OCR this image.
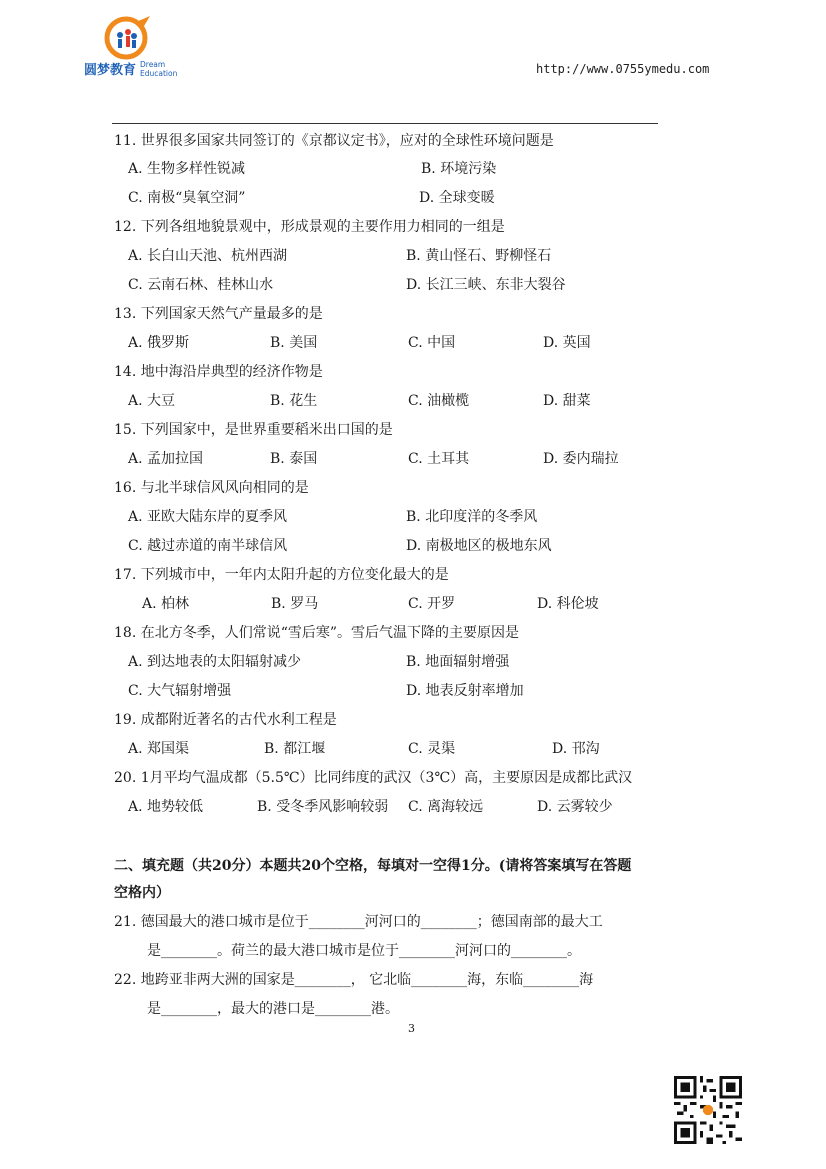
圆梦教育 Dream
Education	http://www.0755ymedu.com
11. 世界很多国家共同签订的《京都议定书》，应对的全球性环境问题是
A. 生物多样性锐减	B. 环境污染
C. 南极“臭氧空洞”	D. 全球变暖
12. 下列各组地貌景观中，形成景观的主要作用力相同的一组是
A. 长白山天池、杭州西湖	B. 黄山怪石、野柳怪石
C. 云南石林、桂林山水	D. 长江三峡、东非大裂谷
13. 下列国家天然气产量最多的是
A. 俄罗斯	B. 美国	C. 中国	D. 英国
14. 地中海沿岸典型的经济作物是
A. 大豆	B. 花生	C. 油橄榄	D. 甜菜
15. 下列国家中，是世界重要稻米出口国的是
A. 孟加拉国	B. 泰国	C. 土耳其	D. 委内瑞拉
16. 与北半球信风风向相同的是
A. 亚欧大陆东岸的夏季风	B. 北印度洋的冬季风
C. 越过赤道的南半球信风	D. 南极地区的极地东风
17. 下列城市中，一年内太阳升起的方位变化最大的是
A. 柏林	B. 罗马	C. 开罗	D. 科伦坡
18. 在北方冬季，人们常说“雪后寒”。雪后气温下降的主要原因是
A. 到达地表的太阳辐射减少	B. 地面辐射增强
C. 大气辐射增强	D. 地表反射率增加
19. 成都附近著名的古代水利工程是
A. 郑国渠	B. 都江堰	C. 灵渠	D. 邗沟
20. 1月平均气温成都（5.5℃）比同纬度的武汉（3℃）高，主要原因是成都比武汉
A. 地势较低	B. 受冬季风影响较弱 C. 离海较远	D. 云雾较少
二、填充题（共20分）本题共20个空格，每填对一空得1分。(请将答案填写在答题
空格内）
21. 德国最大的港口城市是位于________河河口的________；德国南部的最大工
是________。荷兰的最大港口城市是位于________河河口的________。
22. 地跨亚非两大洲的国家是________， 它北临________海，东临________海
是________，最大的港口是________港。
3
